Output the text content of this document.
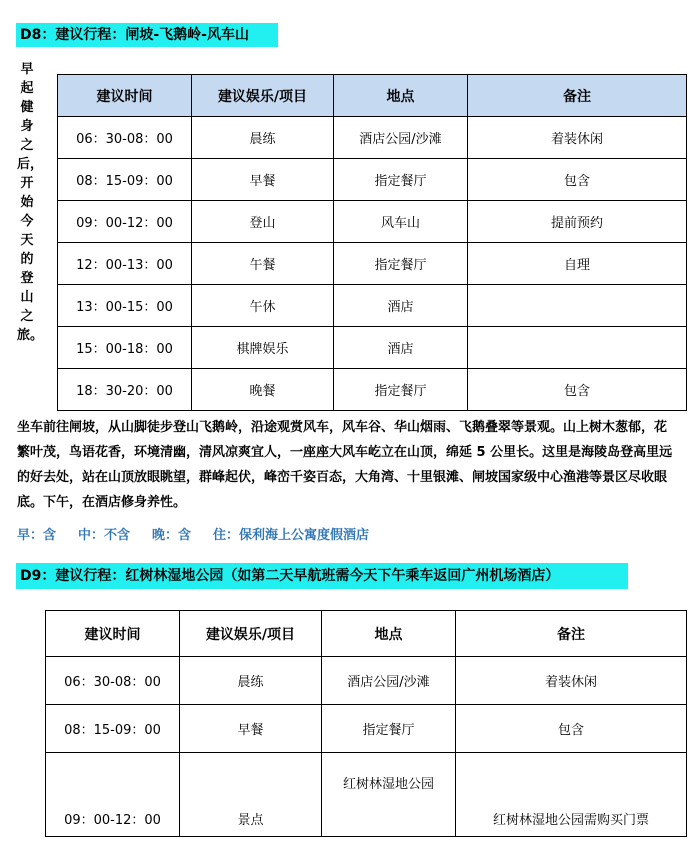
D8：建议行程：闸坡-飞鹅岭-风车山
早起健身之后，开始今天的登山之旅。
建议时间	建议娱乐/项目	地点	备注
06：30-08：00	晨练	酒店公园/沙滩	着装休闲
08：15-09：00	早餐	指定餐厅	包含
09：00-12：00	登山	风车山	提前预约
12：00-13：00	午餐	指定餐厅	自理
13：00-15：00	午休	酒店	
15：00-18：00	棋牌娱乐	酒店	
18：30-20：00	晚餐	指定餐厅	包含

坐车前往闸坡，从山脚徒步登山飞鹅岭，沿途观赏风车，风车谷、华山烟雨、飞鹅叠翠等景观。山上树木葱郁，花繁叶茂，鸟语花香，环境清幽，清风凉爽宜人，一座座大风车屹立在山顶，绵延 5 公里长。这里是海陵岛登高里远的好去处，站在山顶放眼眺望，群峰起伏，峰峦千姿百态，大角湾、十里银滩、闸坡国家级中心渔港等景区尽收眼底。下午，在酒店修身养性。

早：含 中：不含 晚：含 住：保利海上公寓度假酒店
D9：建议行程：红树林湿地公园（如第二天早航班需今天下午乘车返回广州机场酒店）
建议时间	建议娱乐/项目	地点	备注
06：30-08：00	晨练	酒店公园/沙滩	着装休闲
08：15-09：00	早餐	指定餐厅	包含

09：00-12：00	景点	红树林湿地公园	红树林湿地公园需购买门票
